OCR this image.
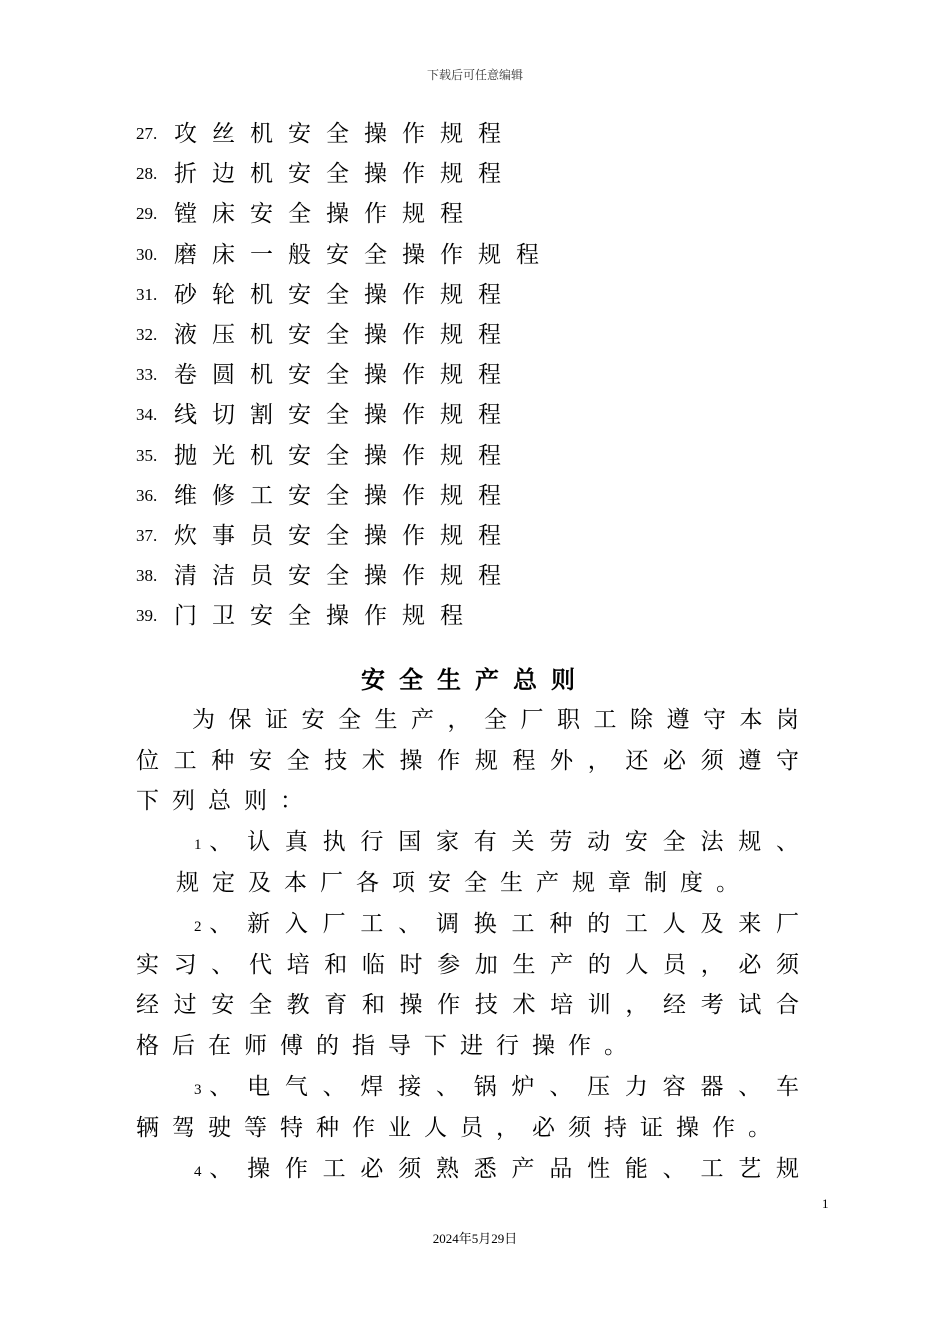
下载后可任意编辑
27. 攻丝机安全操作规程
28. 折边机安全操作规程
29. 镗床安全操作规程
30. 磨床一般安全操作规程
31. 砂轮机安全操作规程
32. 液压机安全操作规程
33. 卷圆机安全操作规程
34. 线切割安全操作规程
35. 抛光机安全操作规程
36. 维修工安全操作规程
37. 炊事员安全操作规程
38. 清洁员安全操作规程
39. 门卫安全操作规程
安全生产总则
为保证安全生产，全厂职工除遵守本岗
位工种安全技术操作规程外，还必须遵守
下列总则：
1、认真执行国家有关劳动安全法规、
规定及本厂各项安全生产规章制度。
2、新入厂工、调换工种的工人及来厂
实习、代培和临时参加生产的人员，必须
经过安全教育和操作技术培训，经考试合
格后在师傅的指导下进行操作。
3、电气、焊接、锅炉、压力容器、车
辆驾驶等特种作业人员，必须持证操作。
4、操作工必须熟悉产品性能、工艺规
1
2024年5月29日
